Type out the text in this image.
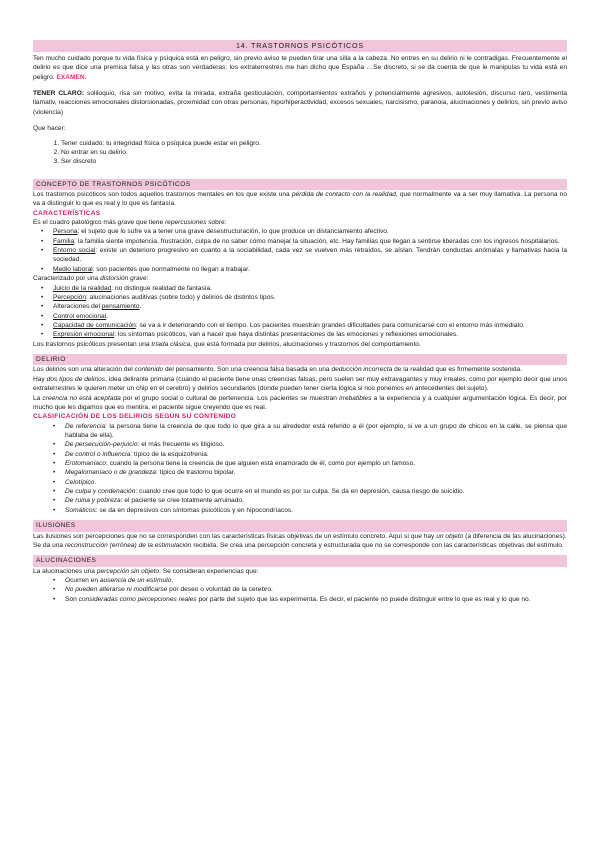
14. TRASTORNOS PSICÓTICOS

Ten mucho cuidado porque tu vida física y psíquica está en peligro, sin previo aviso te pueden tirar una silla a la cabeza. No entres en su delirio ni le contradigas. Frecuentemente el delirio es que dice una premisa falsa y las otras son verdaderas: los extraterrestres me han dicho que España …Se discreto, si se da cuenta de que le manipulas tu vida está en peligro. EXAMEN.

TENER CLARO: soliloquio, risa sin motivo, evita la mirada, extraña gesticulación, comportamientos extraños y potencialmente agresivos, autolesión, discurso raro, vestimenta llamativ, reacciones emocionales distorsionadas, proximidad con otras personas, hipo/hiperactividad, excesos sexuales, narcisismo, paranoia, alucinaciones y delirios, sin previo aviso (violencia)

Que hacer:

1. Tener cuidado: tu integridad física o psíquica puede estar en peligro.
2. No entrar en su delirio.
3. Ser discreto
CONCEPTO DE TRASTORNOS PSICÓTICOS

Los trastornos psicóticos son todos aquellos trastornos mentales en los que existe una pérdida de contacto con la realidad, que normalmente va a ser muy llamativa. La persona no va a distinguir lo que es real y lo que es fantasía.

CARACTERÍSTICAS

Es el cuadro patológico más grave que tiene repercusiones sobre:

• Persona: el sujeto que lo sufre va a tener una grave desestructuración, lo que produce un distanciamiento afectivo.
• Familia: la familia siente impotencia, frustración, culpa de no saber cómo manejar la situación, etc. Hay familias que llegan a sentirse liberadas con los ingresos hospitalarios.
• Entorno social: existe un deterioro progresivo en cuanto a la sociabilidad, cada vez se vuelven más retraídos, se aíslan. Tendrán conductas anómalas y llamativas hacia la sociedad.
• Medio laboral: son pacientes que normalmente no llegan a trabajar.

Caracterizado por una distorsión grave:

• Juicio de la realidad: no distingue realidad de fantasía.
• Percepción: alucinaciones auditivas (sobre todo) y delirios de distintos tipos.
• Alteraciones del pensamiento.
• Control emocional.
• Capacidad de comunicación: se va a ir deteriorando con el tiempo. Los pacientes muestran grandes dificultades para comunicarse con el entorno más inmediato.
• Expresión emocional: los síntomas psicóticos, van a hacer que haya distintas presentaciones de las emociones y reflexiones emocionales.

Los trastornos psicóticos presentan una tríada clásica, que está formada por delirios, alucinaciones y trastornos del comportamiento.

DELIRIO

Los delirios son una alteración del contenido del pensamiento. Son una creencia falsa basada en una deducción incorrecta de la realidad que es firmemente sostenida.

Hay dos tipos de delirios, idea delirante primaria (cuando el paciente tiene unas creencias falsas, pero suelen ser muy extravagantes y muy irreales, como por ejemplo decir que unos extraterrestres le quieren meter un chip en el cerebro) y delirios secundarios (donde pueden tener cierta lógica si nos ponemos en antecedentes del sujeto).

La creencia no está aceptada por el grupo social o cultural de pertenencia. Los pacientes se muestran irrebatibles a la experiencia y a cualquier argumentación lógica. Es decir, por mucho que les digamos que es mentira, el paciente sigue creyendo que es real.

CLASIFICACIÓN DE LOS DELIRIOS SEGÚN SU CONTENIDO

• De referencia: la persona tiene la creencia de que todo lo que gira a su alrededor está referido a él (por ejemplo, si ve a un grupo de chicos en la calle, se piensa que hablaba de ella).
• De persecución-perjuicio: el más frecuente es litigioso.
• De control o influencia: típico de la esquizofrenia.
• Erotomaníaco: cuando la persona tiene la creencia de que alguien está enamorado de él, como por ejemplo un famoso.
• Megalomaníaco o de grandeza: típico de trastorno bipolar.
• Celotípico.
• De culpa y condenación: cuando cree que todo lo que ocurre en el mundo es por su culpa. Se da en depresión, causa riesgo de suicidio.
• De ruina y pobreza: el paciente se cree totalmente arruinado.
• Somáticos: se da en depresivos con síntomas psicóticos y en hipocondríacos.
ILUSIONES

Las ilusiones son percepciones que no se corresponden con las características físicas objetivas de un estímulo concreto. Aquí sí que hay un objeto (a diferencia de las alucinaciones).

Se da una reconstrucción (errónea) de la estimulación recibida. Se crea una percepción concreta y estructurada que no se corresponde con las características objetivas del estímulo.

ALUCINACIONES

La alucinaciones una percepción sin objeto. Se consideran experiencias que:

• Ocurren en ausencia de un estímulo.
• No pueden alterarse ni modificarse por deseo o voluntad de la cerebro.
• Son consideradas como percepciones reales por parte del sujeto que las experimenta. Es decir, el paciente no puede distinguir entre lo que es real y lo que no.
